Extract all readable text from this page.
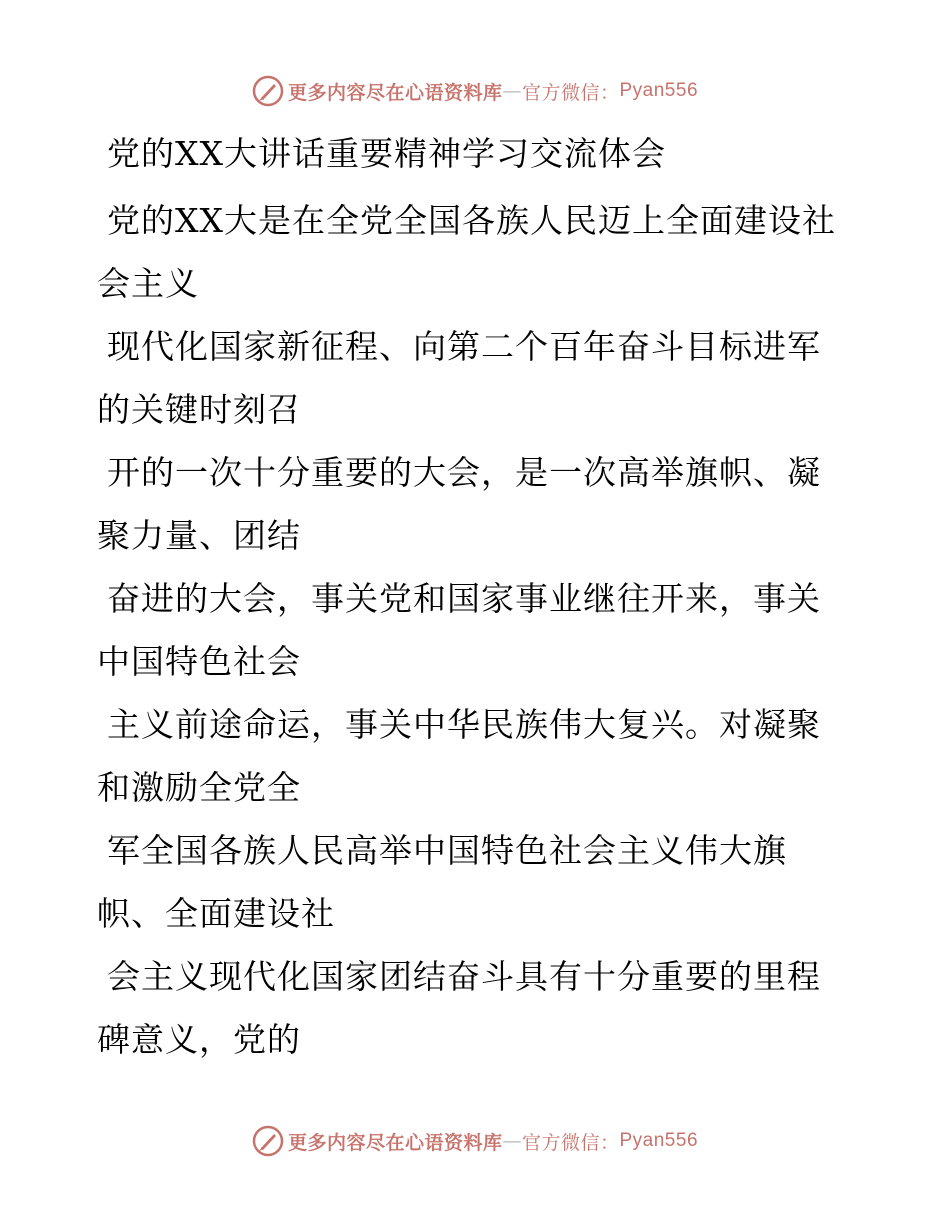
更多内容尽在心语资料库 — 官方微信： Pyan556

党的XX大讲话重要精神学习交流体会

党的XX大是在全党全国各族人民迈上全面建设社
会主义

现代化国家新征程、向第二个百年奋斗目标进军
的关键时刻召

开的一次十分重要的大会，是一次高举旗帜、凝
聚力量、团结

奋进的大会，事关党和国家事业继往开来，事关
中国特色社会

主义前途命运，事关中华民族伟大复兴。对凝聚
和激励全党全

军全国各族人民高举中国特色社会主义伟大旗
帜、全面建设社

会主义现代化国家团结奋斗具有十分重要的里程
碑意义，党的

更多内容尽在心语资料库 — 官方微信： Pyan556
